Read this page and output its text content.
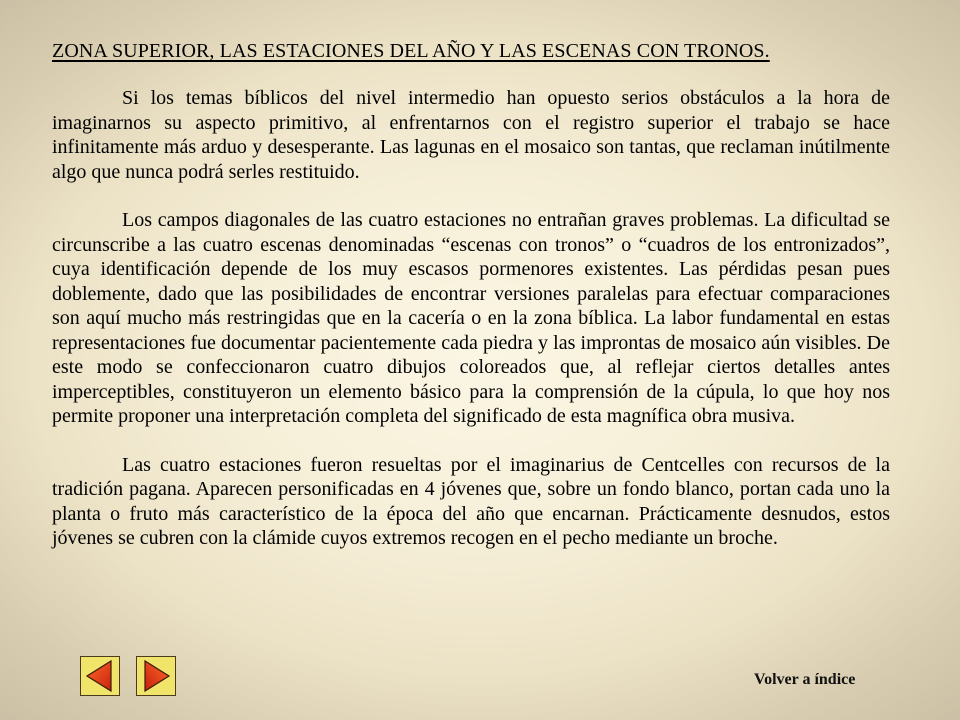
ZONA SUPERIOR, LAS ESTACIONES DEL AÑO Y LAS ESCENAS CON TRONOS.

Si los temas bíblicos del nivel intermedio han opuesto serios obstáculos a la hora de imaginarnos su aspecto primitivo, al enfrentarnos con el registro superior el trabajo se hace infinitamente más arduo y desesperante. Las lagunas en el mosaico son tantas, que reclaman inútilmente algo que nunca podrá serles restituido.

Los campos diagonales de las cuatro estaciones no entrañan graves problemas. La dificultad se circunscribe a las cuatro escenas denominadas “escenas con tronos” o “cuadros de los entronizados”, cuya identificación depende de los muy escasos pormenores existentes. Las pérdidas pesan pues doblemente, dado que las posibilidades de encontrar versiones paralelas para efectuar comparaciones son aquí mucho más restringidas que en la cacería o en la zona bíblica. La labor fundamental en estas representaciones fue documentar pacientemente cada piedra y las improntas de mosaico aún visibles. De este modo se confeccionaron cuatro dibujos coloreados que, al reflejar ciertos detalles antes imperceptibles, constituyeron un elemento básico para la comprensión de la cúpula, lo que hoy nos permite proponer una interpretación completa del significado de esta magnífica obra musiva.

Las cuatro estaciones fueron resueltas por el imaginarius de Centcelles con recursos de la tradición pagana. Aparecen personificadas en 4 jóvenes que, sobre un fondo blanco, portan cada uno la planta o fruto más característico de la época del año que encarnan. Prácticamente desnudos, estos jóvenes se cubren con la clámide cuyos extremos recogen en el pecho mediante un broche.

Volver a índice
